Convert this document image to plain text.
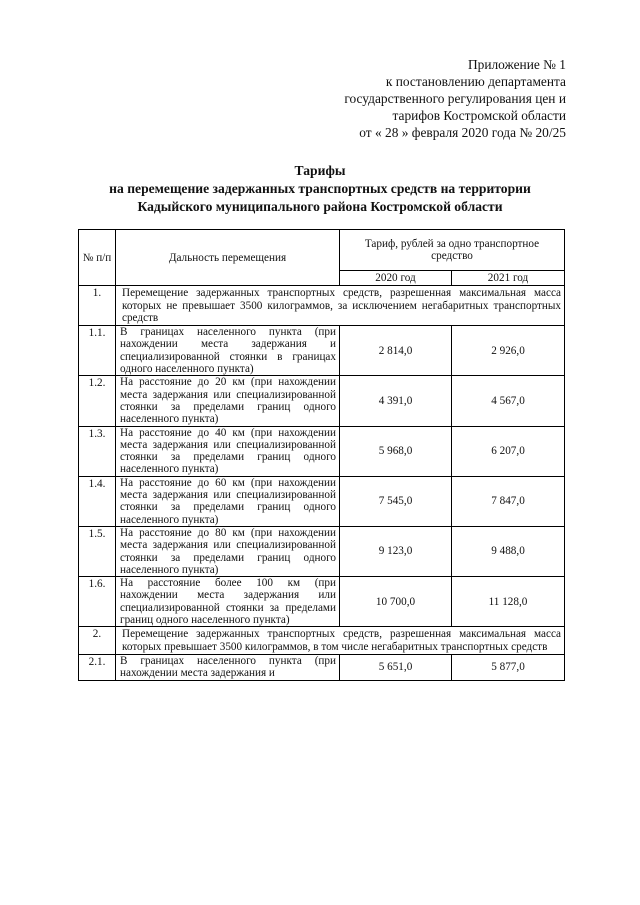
Приложение № 1
к постановлению департамента
государственного регулирования цен и
тарифов Костромской области
от « 28 » февраля 2020 года № 20/25
Тарифы
на перемещение задержанных транспортных средств на территории
Кадыйского муниципального района Костромской области
№ п/п	Дальность перемещения	Тариф, рублей за одно транспортное средство	
		2020 год	2021 год
1.	Перемещение задержанных транспортных средств, разрешенная максимальная масса которых не превышает 3500 килограммов, за исключением негабаритных транспортных средств		
1.1.	В границах населенного пункта (при нахождении места задержания и специализированной стоянки в границах одного населенного пункта)	2 814,0	2 926,0
1.2.	На расстояние до 20 км (при нахождении места задержания или специализированной стоянки за пределами границ одного населенного пункта)	4 391,0	4 567,0
1.3.	На расстояние до 40 км (при нахождении места задержания или специализированной стоянки за пределами границ одного населенного пункта)	5 968,0	6 207,0
1.4.	На расстояние до 60 км (при нахождении места задержания или специализированной стоянки за пределами границ одного населенного пункта)	7 545,0	7 847,0
1.5.	На расстояние до 80 км (при нахождении места задержания или специализированной стоянки за пределами границ одного населенного пункта)	9 123,0	9 488,0
1.6.	На расстояние более 100 км (при нахождении места задержания или специализированной стоянки за пределами границ одного населенного пункта)	10 700,0	11 128,0
2.	Перемещение задержанных транспортных средств, разрешенная максимальная масса которых превышает 3500 килограммов, в том числе негабаритных транспортных средств		
2.1.	В границах населенного пункта (при нахождении места задержания и	5 651,0	5 877,0
